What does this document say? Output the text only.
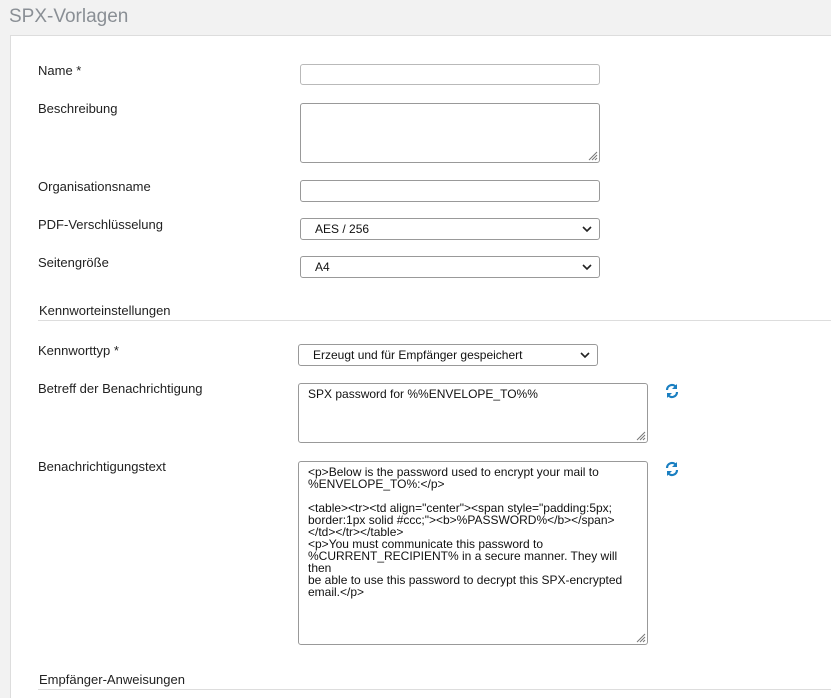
SPX-Vorlagen
Name *
Beschreibung
Organisationsname
PDF-Verschlüsselung	AES / 256
Seitengröße	A4
Kennworteinstellungen
Kennworttyp *	Erzeugt und für Empfänger gespeichert
Betreff der Benachrichtigung	SPX password for %%ENVELOPE_TO%%
Benachrichtigungstext	<p>Below is the password used to encrypt your mail to
%ENVELOPE_TO%:</p>

<table><tr><td align="center"><span style="padding:5px;
border:1px solid #ccc;"><b>%PASSWORD%</b></span>
</td></tr></table>
<p>You must communicate this password to
%CURRENT_RECIPIENT% in a secure manner. They will then
be able to use this password to decrypt this SPX-encrypted
email.</p>
Empfänger-Anweisungen
